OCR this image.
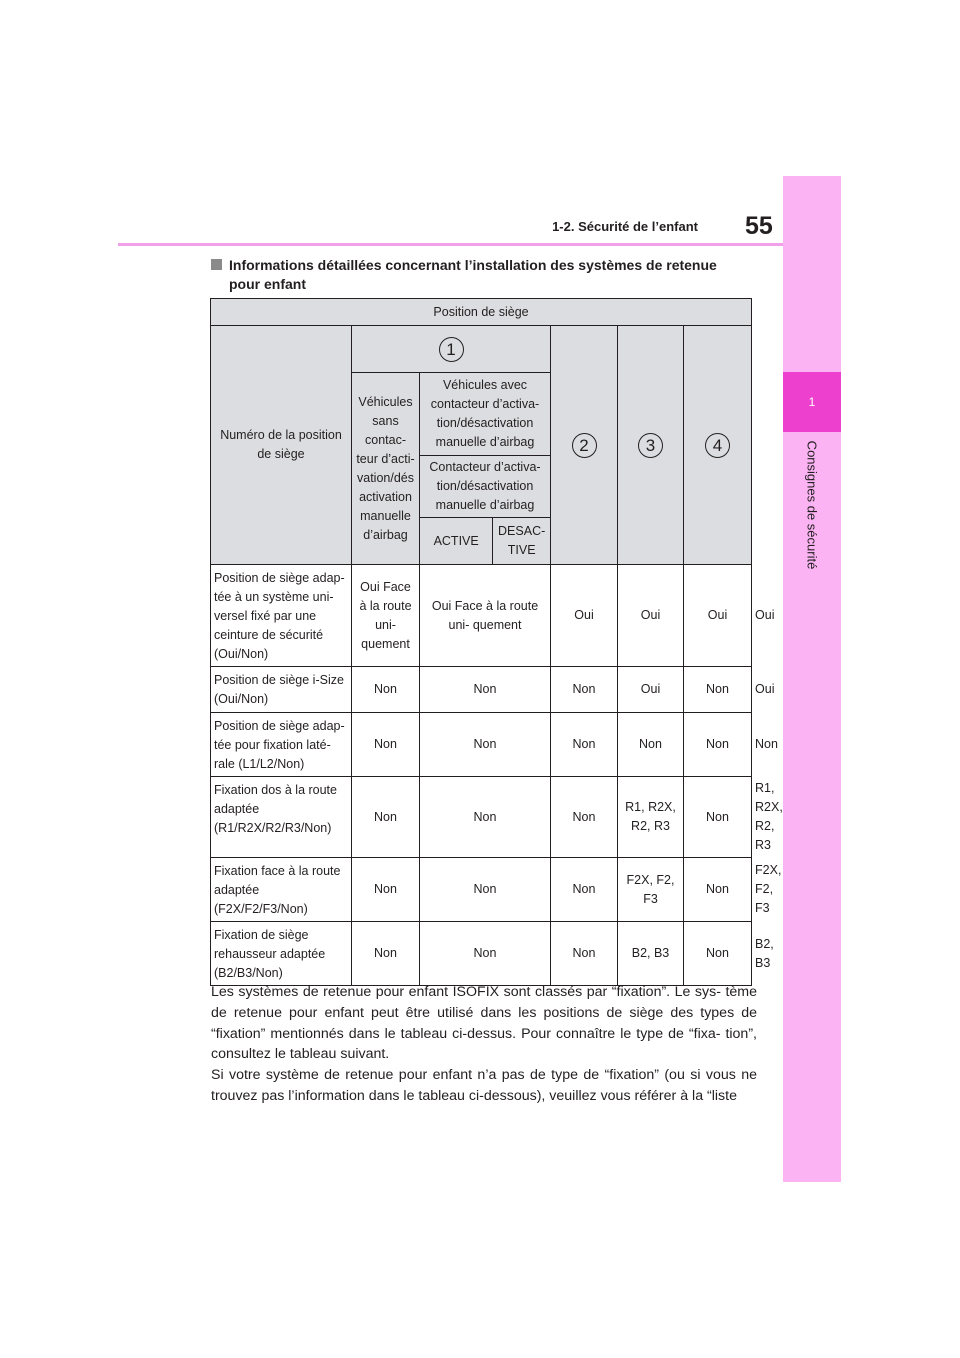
1
Consignes de sécurité
1-2. Sécurité de l’enfant 55
Informations détaillées concernant l’installation des systèmes de retenue pour enfant
Position de siège
Numéro de la position de siège	1	2	3	4
Véhicules sans contac- teur d’acti- vation/dés activation manuelle d’airbag	Véhicules avec contacteur d’activa- tion/désactivation manuelle d’airbag
Contacteur d’activa- tion/désactivation manuelle d’airbag

ACTIVE	DESAC- TIVE

Position de siège adap- tée à un système uni- versel fixé par une ceinture de sécurité (Oui/Non)	Oui Face à la route uni- quement	Oui Face à la route uni- quement	Oui	Oui	Oui	Oui
Position de siège i-Size (Oui/Non)	Non	Non	Non	Oui	Non	Oui
Position de siège adap- tée pour fixation laté- rale (L1/L2/Non)	Non	Non	Non	Non	Non	Non
Fixation dos à la route adaptée (R1/R2X/R2/R3/Non)	Non	Non	Non	R1, R2X, R2, R3	Non	R1, R2X, R2, R3
Fixation face à la route adaptée (F2X/F2/F3/Non)	Non	Non	Non	F2X, F2, F3	Non	F2X, F2, F3
Fixation de siège rehausseur adaptée (B2/B3/Non)	Non	Non	Non	B2, B3	Non	B2, B3

Les systèmes de retenue pour enfant ISOFIX sont classés par “fixation”. Le sys- tème de retenue pour enfant peut être utilisé dans les positions de siège des types de “fixation” mentionnés dans le tableau ci-dessus. Pour connaître le type de “fixa- tion”, consultez le tableau suivant.

Si votre système de retenue pour enfant n’a pas de type de “fixation” (ou si vous ne trouvez pas l’information dans le tableau ci-dessous), veuillez vous référer à la “liste
